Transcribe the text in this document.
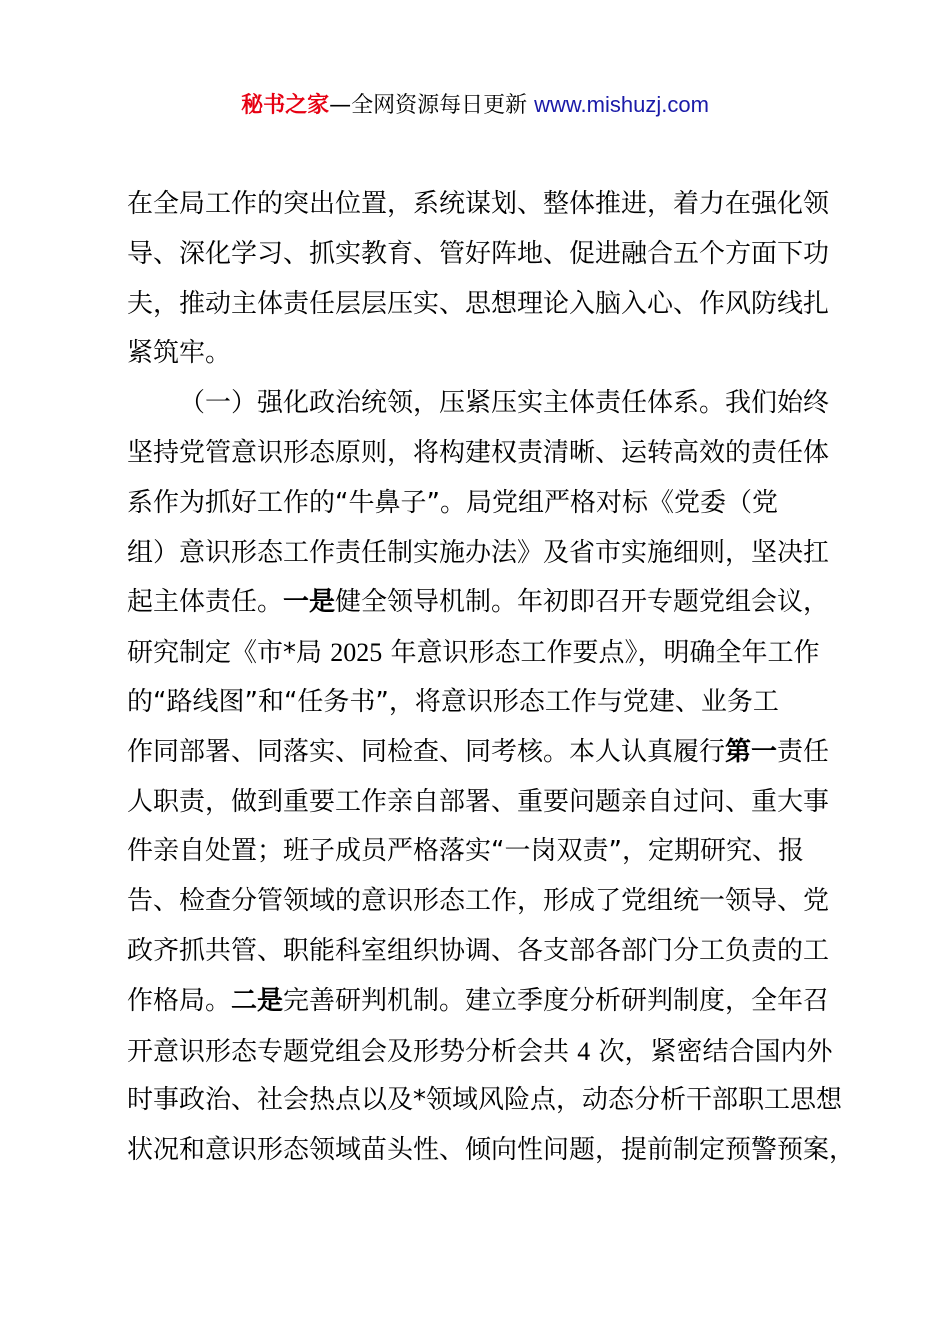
秘书之家—全网资源每日更新 www.mishuzj.com
在全局工作的突出位置，系统谋划、整体推进，着力在强化领
导、深化学习、抓实教育、管好阵地、促进融合五个方面下功
夫，推动主体责任层层压实、思想理论入脑入心、作风防线扎
紧筑牢。
（一）强化政治统领，压紧压实主体责任体系。我们始终
坚持党管意识形态原则，将构建权责清晰、运转高效的责任体
系作为抓好工作的“牛鼻子”。局党组严格对标《党委（党
组）意识形态工作责任制实施办法》及省市实施细则，坚决扛
起主体责任。一是健全领导机制。年初即召开专题党组会议，
研究制定《市*局 2025 年意识形态工作要点》，明确全年工作
的“路线图”和“任务书”，将意识形态工作与党建、业务工
作同部署、同落实、同检查、同考核。本人认真履行第一责任
人职责，做到重要工作亲自部署、重要问题亲自过问、重大事
件亲自处置；班子成员严格落实“一岗双责”，定期研究、报
告、检查分管领域的意识形态工作，形成了党组统一领导、党
政齐抓共管、职能科室组织协调、各支部各部门分工负责的工
作格局。二是完善研判机制。建立季度分析研判制度，全年召
开意识形态专题党组会及形势分析会共 4 次，紧密结合国内外
时事政治、社会热点以及*领域风险点，动态分析干部职工思想
状况和意识形态领域苗头性、倾向性问题，提前制定预警预案，
